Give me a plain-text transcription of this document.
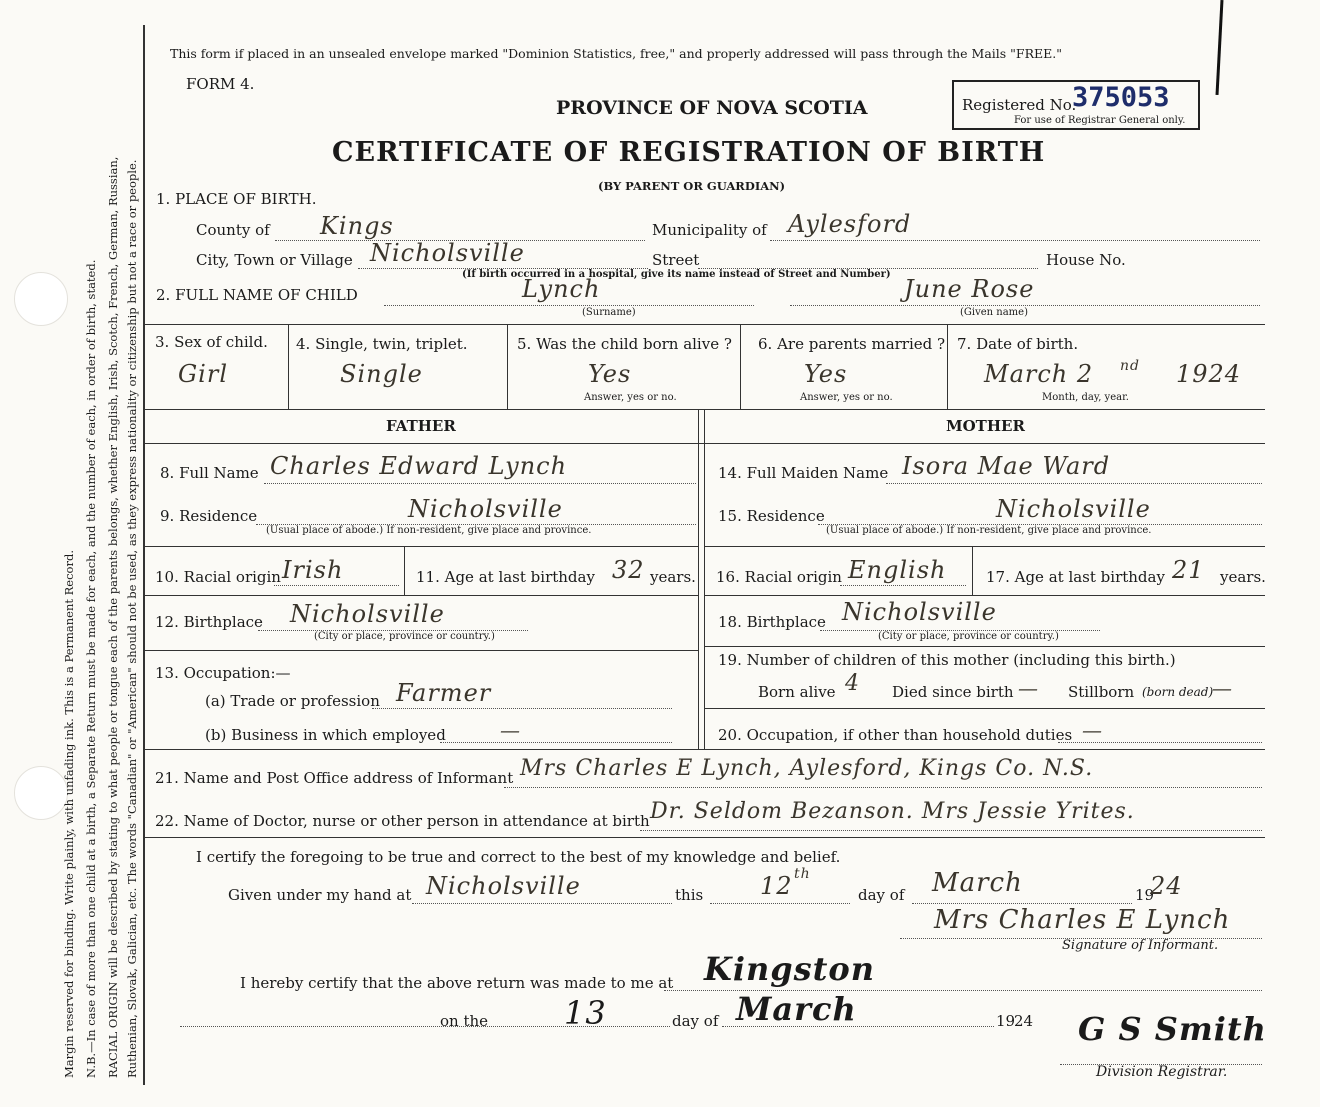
Margin reserved for binding. Write plainly, with unfading ink. This is a Permanent Record. N.B.—In case of more than one child at a birth, a Separate Return must be made for each, and the number of each, in order of birth, stated. RACIAL ORIGIN will be described by stating to what people or tongue each of the parents belongs, whether English, Irish, Scotch, French, German, Russian, Ruthenian, Slovak, Galician, etc. The words "Canadian" or "American" should not be used, as they express nationality or citizenship but not a race or people.
This form if placed in an unsealed envelope marked "Dominion Statistics, free," and properly addressed will pass through the Mails "FREE."
FORM 4.
PROVINCE OF NOVA SCOTIA
CERTIFICATE OF REGISTRATION OF BIRTH
(BY PARENT OR GUARDIAN)
Registered No.
375053
For use of Registrar General only.
1. PLACE OF BIRTH.
County of Kings	Municipality of Aylesford
City, Town or Village Nicholsville	Street	House No.
(If birth occurred in a hospital, give its name instead of Street and Number)
2. FULL NAME OF CHILD	Lynch
(Surname)
June Rose
(Given name)
3. Sex of child.
Girl
4. Single, twin, triplet.
Single
5. Was the child born alive ?
Yes
Answer, yes or no.
6. Are parents married ?
Yes
Answer, yes or no.
7. Date of birth.
March 2 nd 1924
Month, day, year.
FATHER	MOTHER
8. Full Name Charles Edward Lynch
9. Residence	Nicholsville
(Usual place of abode.) If non-resident, give place and province.
10. Racial origin Irish	11. Age at last birthday 32 years.
12. Birthplace Nicholsville
(City or place, province or country.)
13. Occupation:—
(a) Trade or profession Farmer
(b) Business in which employed	—
14. Full Maiden Name Isora Mae Ward
15. Residence	Nicholsville
(Usual place of abode.) If non-resident, give place and province.
16. Racial origin English	17. Age at last birthday 21 years.
18. Birthplace Nicholsville
(City or place, province or country.)
19. Number of children of this mother (including this birth.)
Born alive 4 Died since birth — Stillborn (born dead)
—
20. Occupation, if other than household duties —
21. Name and Post Office address of Informant Mrs Charles E Lynch, Aylesford, Kings Co. N.S.
22. Name of Doctor, nurse or other person in attendance at birth Dr. Seldom Bezanson. Mrs Jessie Yrites.
I certify the foregoing to be true and correct to the best of my knowledge and belief.
Given under my hand at Nicholsville	this 12 th
day of March	19
24
Mrs Charles E Lynch
Signature of Informant.
I hereby certify that the above return was made to me at Kingston
on the 13	day of March	19
24 G S Smith
Division Registrar.
